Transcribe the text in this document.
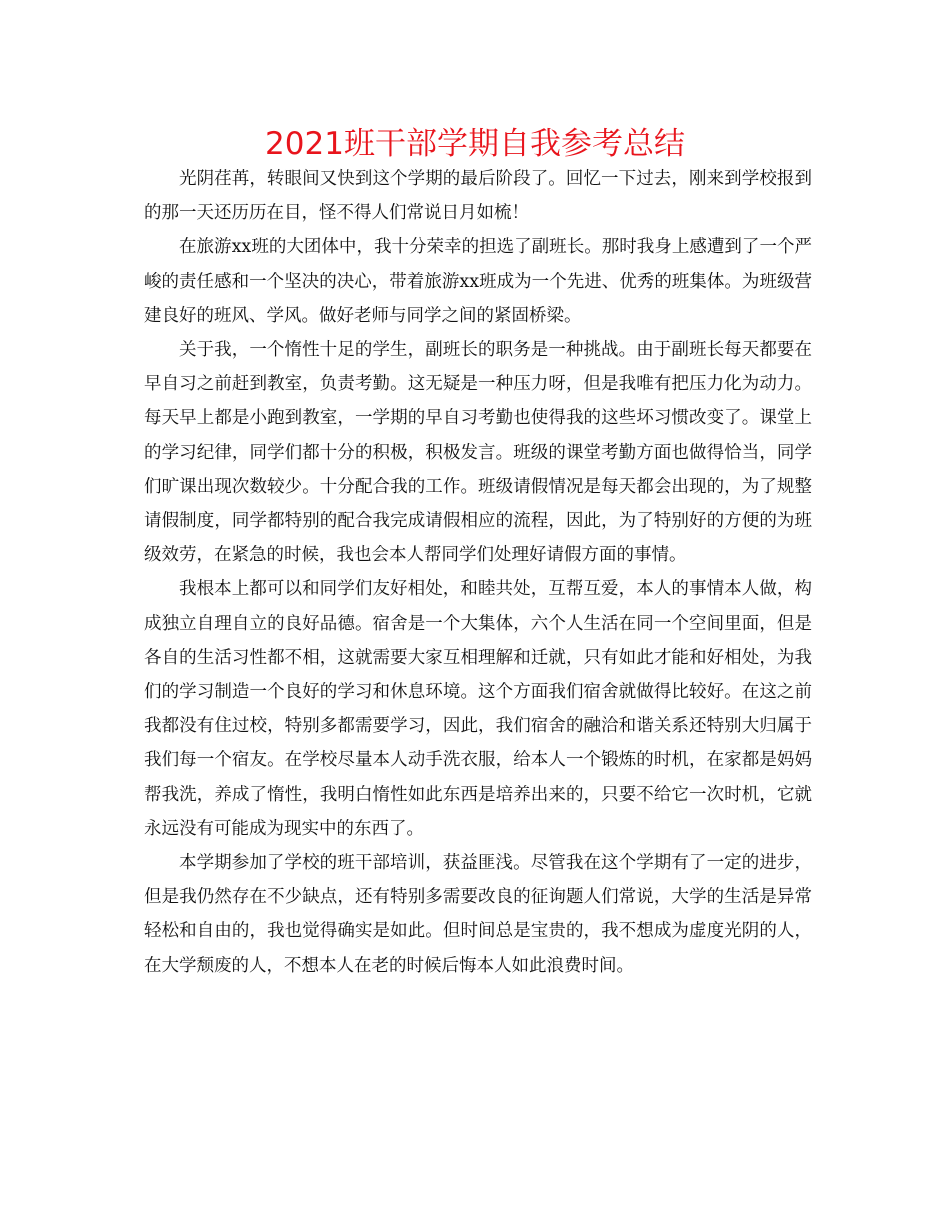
2021班干部学期自我参考总结

光阴荏苒，转眼间又快到这个学期的最后阶段了。回忆一下过去，刚来到学校报到的那一天还历历在目，怪不得人们常说日月如梳！

在旅游xx班的大团体中，我十分荣幸的担选了副班长。那时我身上感遭到了一个严峻的责任感和一个坚决的决心，带着旅游xx班成为一个先进、优秀的班集体。为班级营建良好的班风、学风。做好老师与同学之间的紧固桥梁。

关于我，一个惰性十足的学生，副班长的职务是一种挑战。由于副班长每天都要在早自习之前赶到教室，负责考勤。这无疑是一种压力呀，但是我唯有把压力化为动力。每天早上都是小跑到教室，一学期的早自习考勤也使得我的这些坏习惯改变了。课堂上的学习纪律，同学们都十分的积极，积极发言。班级的课堂考勤方面也做得恰当，同学们旷课出现次数较少。十分配合我的工作。班级请假情况是每天都会出现的，为了规整请假制度，同学都特别的配合我完成请假相应的流程，因此，为了特别好的方便的为班级效劳，在紧急的时候，我也会本人帮同学们处理好请假方面的事情。

我根本上都可以和同学们友好相处，和睦共处，互帮互爱，本人的事情本人做，构成独立自理自立的良好品德。宿舍是一个大集体，六个人生活在同一个空间里面，但是各自的生活习性都不相，这就需要大家互相理解和迁就，只有如此才能和好相处，为我们的学习制造一个良好的学习和休息环境。这个方面我们宿舍就做得比较好。在这之前我都没有住过校，特别多都需要学习，因此，我们宿舍的融洽和谐关系还特别大归属于我们每一个宿友。在学校尽量本人动手洗衣服，给本人一个锻炼的时机，在家都是妈妈帮我洗，养成了惰性，我明白惰性如此东西是培养出来的，只要不给它一次时机，它就永远没有可能成为现实中的东西了。

本学期参加了学校的班干部培训，获益匪浅。尽管我在这个学期有了一定的进步，但是我仍然存在不少缺点，还有特别多需要改良的征询题人们常说，大学的生活是异常轻松和自由的，我也觉得确实是如此。但时间总是宝贵的，我不想成为虚度光阴的人，在大学颓废的人，不想本人在老的时候后悔本人如此浪费时间。
